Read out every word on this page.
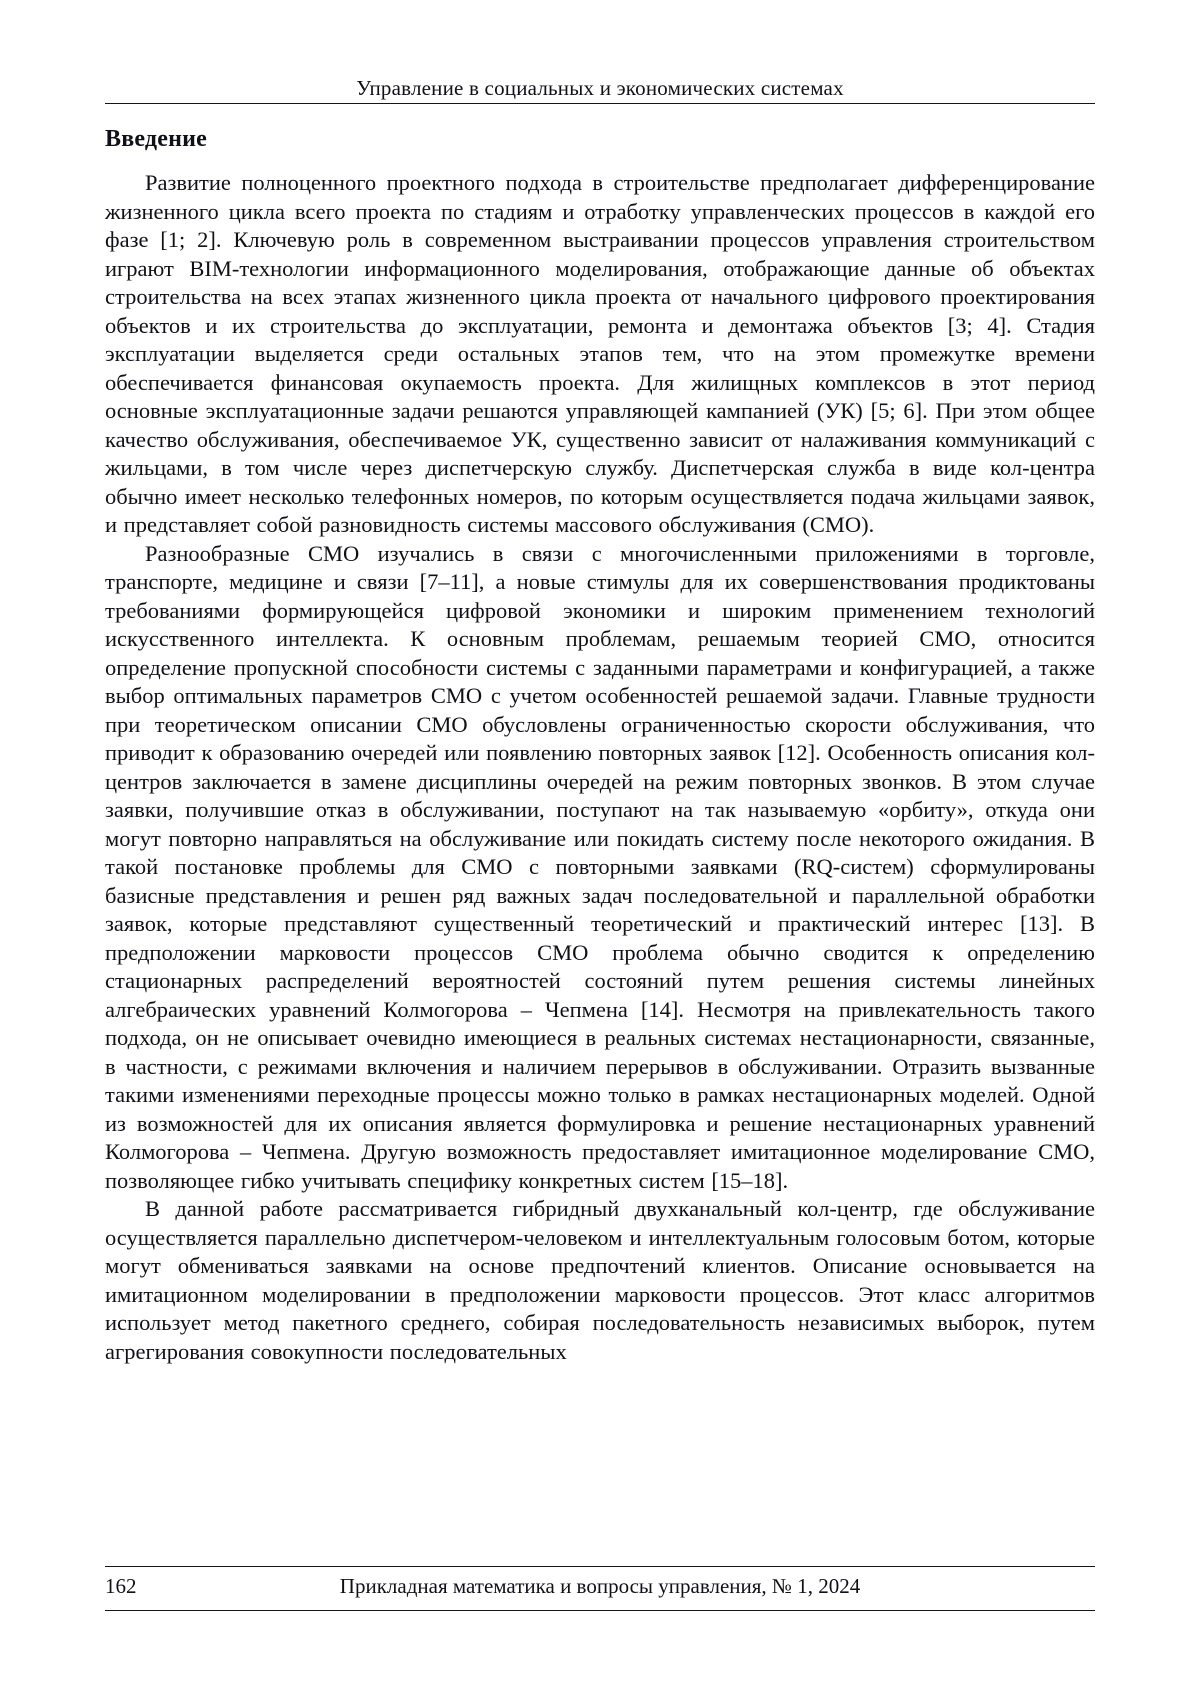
Управление в социальных и экономических системах
Введение

Развитие полноценного проектного подхода в строительстве предполагает дифференцирование жизненного цикла всего проекта по стадиям и отработку управленческих процессов в каждой его фазе [1; 2]. Ключевую роль в современном выстраивании процессов управления строительством играют BIM-технологии информационного моделирования, отображающие данные об объектах строительства на всех этапах жизненного цикла проекта от начального цифрового проектирования объектов и их строительства до эксплуатации, ремонта и демонтажа объектов [3; 4]. Стадия эксплуатации выделяется среди остальных этапов тем, что на этом промежутке времени обеспечивается финансовая окупаемость проекта. Для жилищных комплексов в этот период основные эксплуатационные задачи решаются управляющей кампанией (УК) [5; 6]. При этом общее качество обслуживания, обеспечиваемое УК, существенно зависит от налаживания коммуникаций с жильцами, в том числе через диспетчерскую службу. Диспетчерская служба в виде кол-центра обычно имеет несколько телефонных номеров, по которым осуществляется подача жильцами заявок, и представляет собой разновидность системы массового обслуживания (СМО).

Разнообразные СМО изучались в связи с многочисленными приложениями в торговле, транспорте, медицине и связи [7–11], а новые стимулы для их совершенствования продиктованы требованиями формирующейся цифровой экономики и широким применением технологий искусственного интеллекта. К основным проблемам, решаемым теорией СМО, относится определение пропускной способности системы с заданными параметрами и конфигурацией, а также выбор оптимальных параметров СМО с учетом особенностей решаемой задачи. Главные трудности при теоретическом описании СМО обусловлены ограниченностью скорости обслуживания, что приводит к образованию очередей или появлению повторных заявок [12]. Особенность описания кол-центров заключается в замене дисциплины очередей на режим повторных звонков. В этом случае заявки, получившие отказ в обслуживании, поступают на так называемую «орбиту», откуда они могут повторно направляться на обслуживание или покидать систему после некоторого ожидания. В такой постановке проблемы для СМО с повторными заявками (RQ-систем) сформулированы базисные представления и решен ряд важных задач последовательной и параллельной обработки заявок, которые представляют существенный теоретический и практический интерес [13]. В предположении марковости процессов СМО проблема обычно сводится к определению стационарных распределений вероятностей состояний путем решения системы линейных алгебраических уравнений Колмогорова – Чепмена [14]. Несмотря на привлекательность такого подхода, он не описывает очевидно имеющиеся в реальных системах нестационарности, связанные, в частности, с режимами включения и наличием перерывов в обслуживании. Отразить вызванные такими изменениями переходные процессы можно только в рамках нестационарных моделей. Одной из возможностей для их описания является формулировка и решение нестационарных уравнений Колмогорова – Чепмена. Другую возможность предоставляет имитационное моделирование СМО, позволяющее гибко учитывать специфику конкретных систем [15–18].

В данной работе рассматривается гибридный двухканальный кол-центр, где обслуживание осуществляется параллельно диспетчером-человеком и интеллектуальным голосовым ботом, которые могут обмениваться заявками на основе предпочтений клиентов. Описание основывается на имитационном моделировании в предположении марковости процессов. Этот класс алгоритмов использует метод пакетного среднего, собирая последовательность независимых выборок, путем агрегирования совокупности последовательных

162	Прикладная математика и вопросы управления, № 1, 2024
